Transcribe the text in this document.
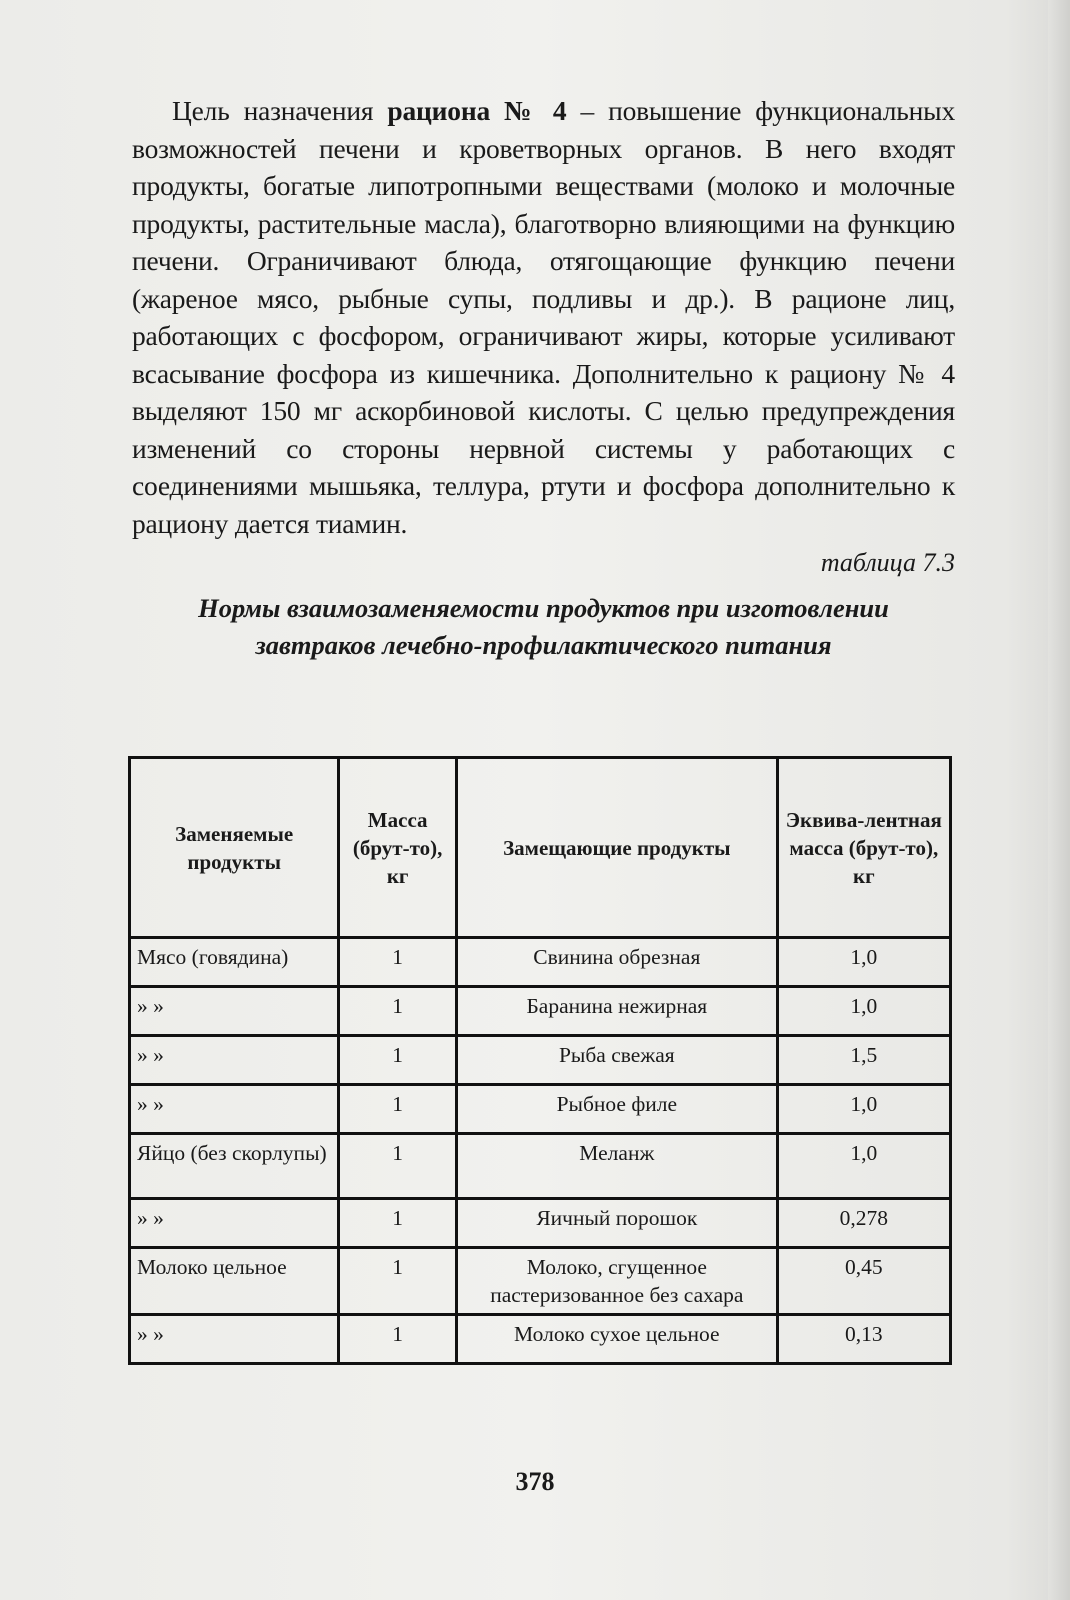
Цель назначения рациона № 4 – повышение функциональных возможностей печени и кроветворных органов. В него входят продукты, богатые липотропными веществами (молоко и молочные продукты, растительные масла), благотворно влияющими на функцию печени. Ограничивают блюда, отягощающие функцию печени (жареное мясо, рыбные супы, подливы и др.). В рационе лиц, работающих с фосфором, ограничивают жиры, которые усиливают всасывание фосфора из кишечника. Дополнительно к рациону № 4 выделяют 150 мг аскорбиновой кислоты. С целью предупреждения изменений со стороны нервной системы у работающих с соединениями мышьяка, теллура, ртути и фосфора дополнительно к рациону дается тиамин.

таблица 7.3
Нормы взаимозаменяемости продуктов при изготовлении завтраков лечебно-профилактического питания
Заменяемые продукты	Масса (брут-то), кг	Замещающие продукты	Эквива-лентная масса (брут-то), кг
Мясо (говядина)	1	Свинина обрезная	1,0
» »	1	Баранина нежирная	1,0
» »	1	Рыба свежая	1,5
» »	1	Рыбное филе	1,0
Яйцо (без скорлупы)	1	Меланж	1,0
» »	1	Яичный порошок	0,278
Молоко цельное	1	Молоко, сгущенное пастеризованное без сахара	0,45
» »	1	Молоко сухое цельное	0,13
378
